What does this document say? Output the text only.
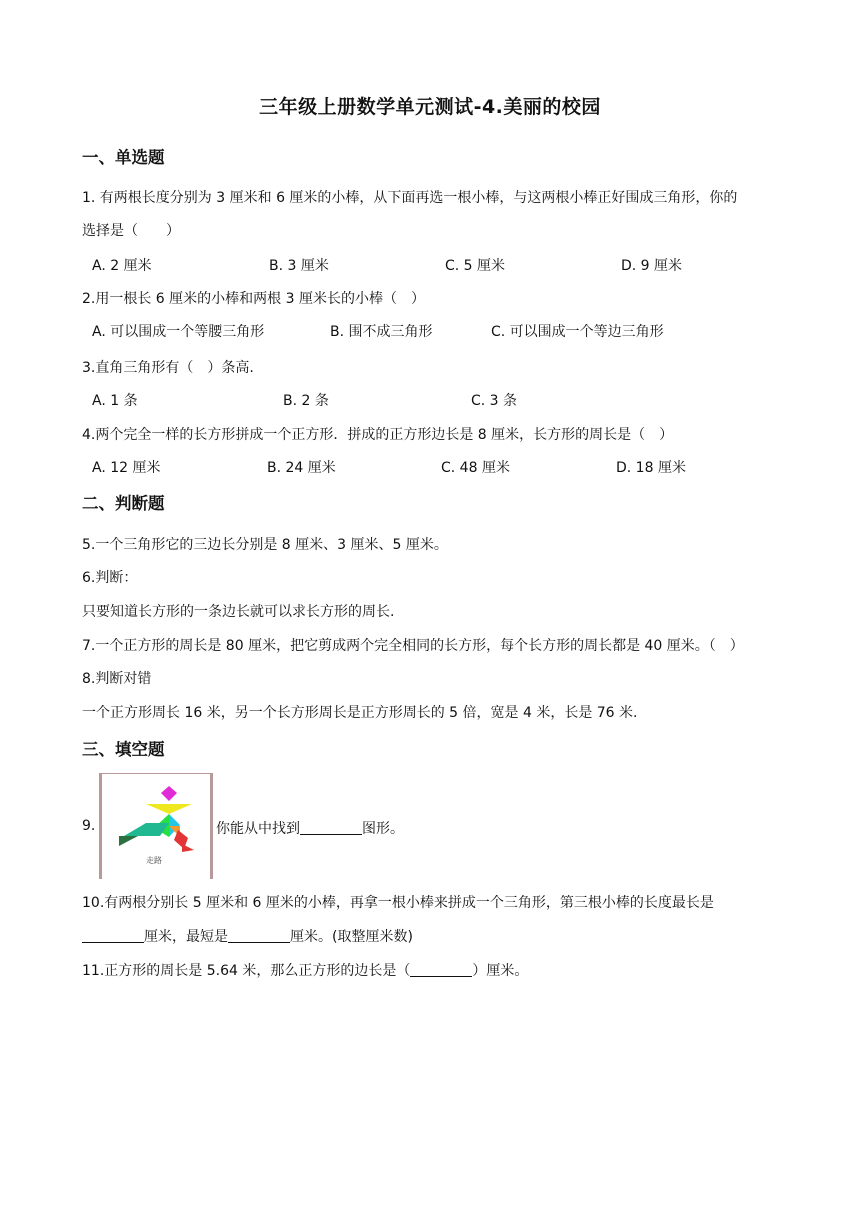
三年级上册数学单元测试-4.美丽的校园
一、单选题
1. 有两根长度分别为 3 厘米和 6 厘米的小棒，从下面再选一根小棒，与这两根小棒正好围成三角形，你的
选择是（　　）
A. 2 厘米	B. 3 厘米	C. 5 厘米	D. 9 厘米
2.用一根长 6 厘米的小棒和两根 3 厘米长的小棒（　）
A. 可以围成一个等腰三角形	B. 围不成三角形	C. 可以围成一个等边三角形
3.直角三角形有（　）条高.
A. 1 条	B. 2 条	C. 3 条
4.两个完全一样的长方形拼成一个正方形．拼成的正方形边长是 8 厘米，长方形的周长是（　）
A. 12 厘米	B. 24 厘米	C. 48 厘米	D. 18 厘米
二、判断题
5.一个三角形它的三边长分别是 8 厘米、3 厘米、5 厘米。
6.判断：
只要知道长方形的一条边长就可以求长方形的周长.
7.一个正方形的周长是 80 厘米，把它剪成两个完全相同的长方形，每个长方形的周长都是 40 厘米。（　）
8.判断对错
一个正方形周长 16 米，另一个长方形周长是正方形周长的 5 倍，宽是 4 米，长是 76 米.
三、填空题
9.
走路
你能从中找到	图形。
10.有两根分别长 5 厘米和 6 厘米的小棒，再拿一根小棒来拼成一个三角形，第三根小棒的长度最长是
厘米，最短是	厘米。(取整厘米数)
11.正方形的周长是 5.64 米，那么正方形的边长是（	）厘米。
